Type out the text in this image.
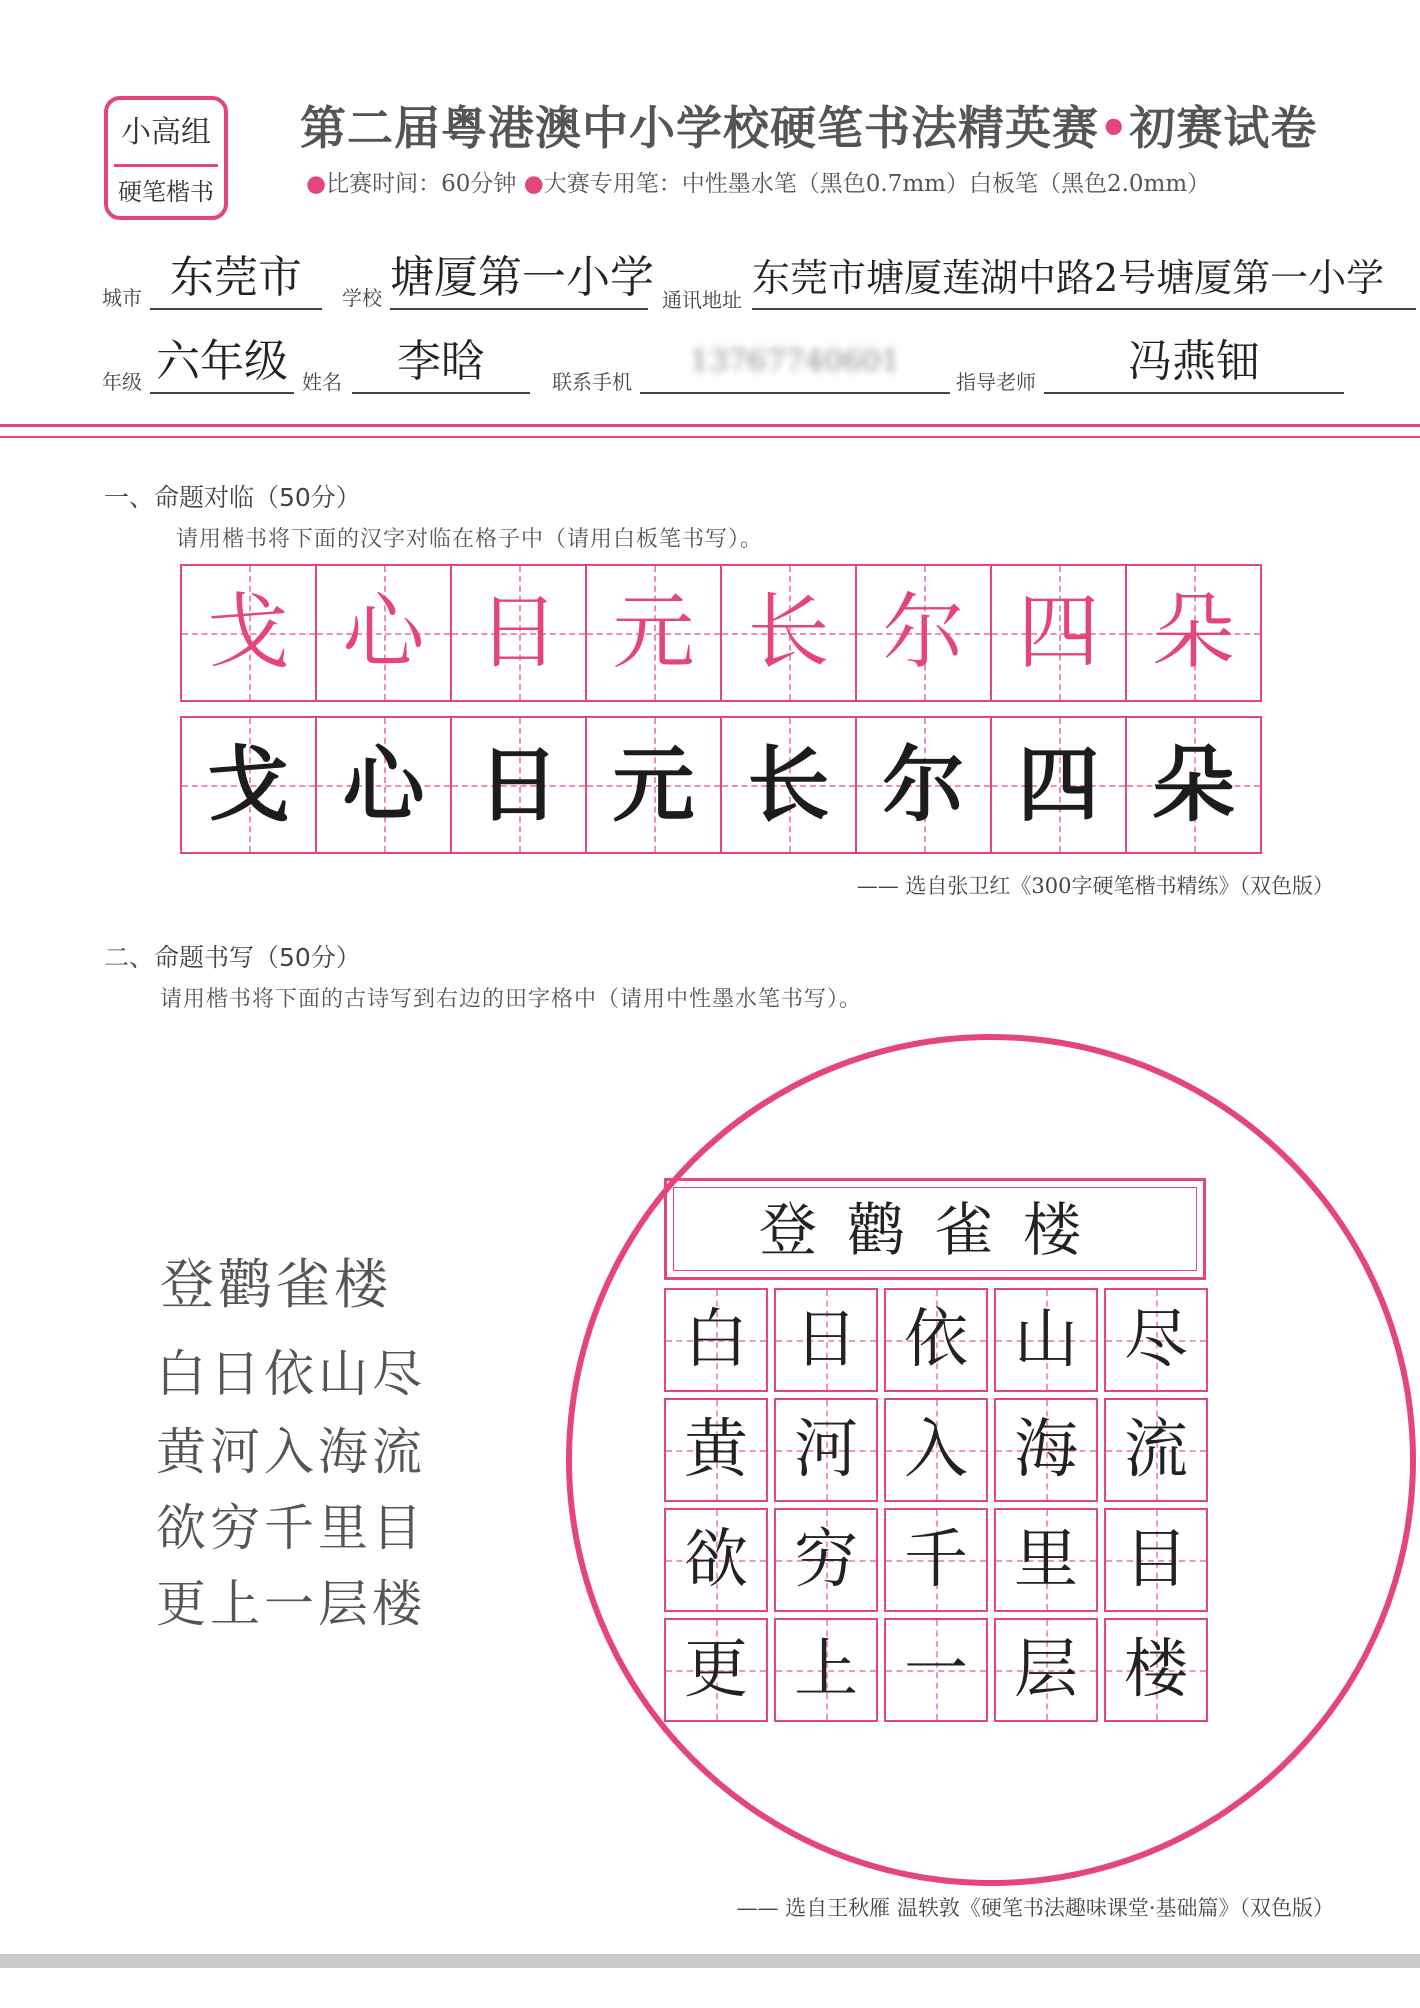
小高组
硬笔楷书
第二届粤港澳中小学校硬笔书法精英赛•初赛试卷
●比赛时间：60分钟 ●大赛专用笔：中性墨水笔（黑色0.7mm）白板笔（黑色2.0mm）
城市 东莞市	学校 塘厦第一小学 通讯地址 东莞市塘厦莲湖中路2号塘厦第一小学
年级 六年级 姓名	李晗	联系手机
13767740601
指导老师	冯燕钿
一、命题对临（50分）
请用楷书将下面的汉字对临在格子中（请用白板笔书写）。
戈 心 日 元 长 尔 四 朵
戈 心 日 元 长 尔 四 朵
—— 选自张卫红《300字硬笔楷书精练》（双色版）
二、命题书写（50分）
请用楷书将下面的古诗写到右边的田字格中（请用中性墨水笔书写）。
登鹳雀楼
白日依山尽
黄河入海流
欲穷千里目
更上一层楼
登鹳雀楼
白 日 依 山 尽
黄 河 入 海 流
欲 穷 千 里 目
更 上 一 层 楼
—— 选自王秋雁 温轶敦《硬笔书法趣味课堂·基础篇》（双色版）
